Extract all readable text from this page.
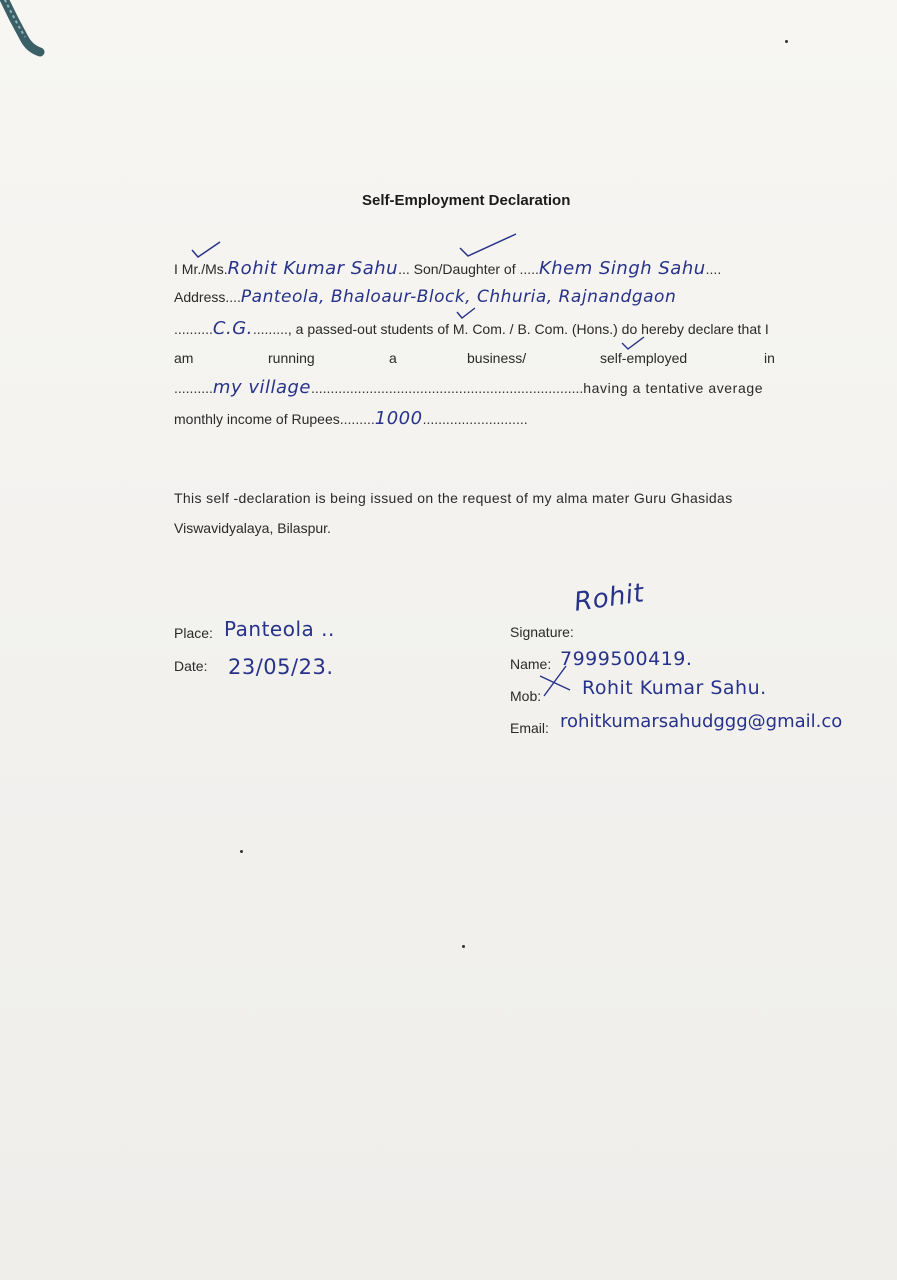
Self-Employment Declaration
I Mr./Ms.Rohit Kumar Sahu... Son/Daughter of .....Khem Singh Sahu....
Address....Panteola, Bhaloaur-Block, Chhuria, Rajnandgaon
..........C.G.........., a passed-out students of M. Com. / B. Com. (Hons.) do hereby declare that I
am	running	a	business/	self-employed	in
..........my village......................................................................having a tentative average
monthly income of Rupees.........1000...........................
This self -declaration is being issued on the request of my alma mater Guru Ghasidas
Viswavidyalaya, Bilaspur.
Place: Panteola ..
Date: 23/05/23.
Signature:
Rohit
Name: 7999500419.
Mob: Rohit Kumar Sahu.
Email: rohitkumarsahudggg@gmail.co
